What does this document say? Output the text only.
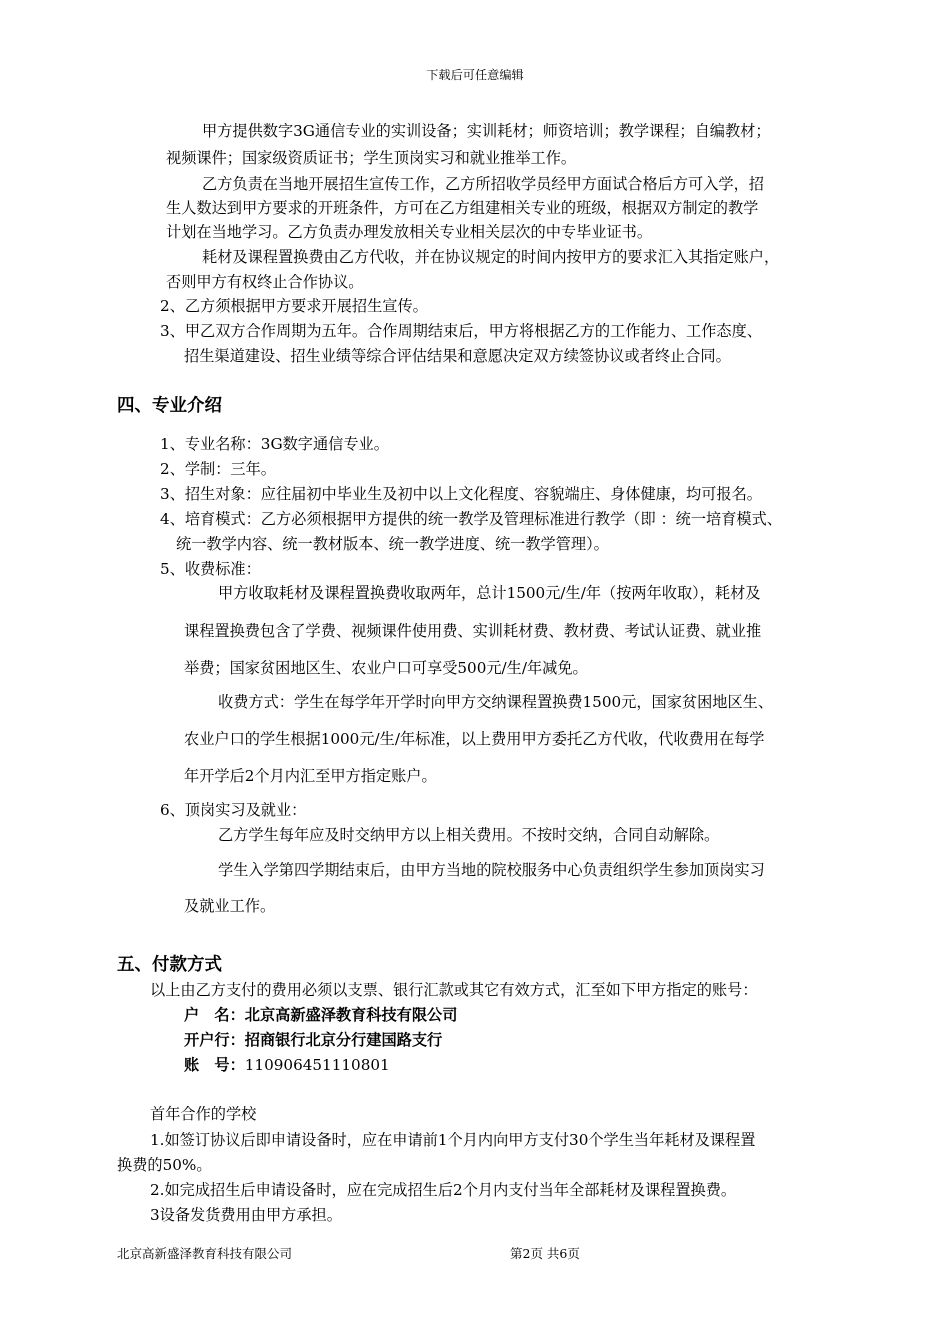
下载后可任意编辑
甲方提供数字3G通信专业的实训设备；实训耗材；师资培训；教学课程；自编教材；
视频课件；国家级资质证书；学生顶岗实习和就业推举工作。
乙方负责在当地开展招生宣传工作，乙方所招收学员经甲方面试合格后方可入学，招
生人数达到甲方要求的开班条件，方可在乙方组建相关专业的班级，根据双方制定的教学
计划在当地学习。乙方负责办理发放相关专业相关层次的中专毕业证书。
耗材及课程置换费由乙方代收，并在协议规定的时间内按甲方的要求汇入其指定账户，
否则甲方有权终止合作协议。
2、乙方须根据甲方要求开展招生宣传。
3、甲乙双方合作周期为五年。合作周期结束后，甲方将根据乙方的工作能力、工作态度、
招生渠道建设、招生业绩等综合评估结果和意愿决定双方续签协议或者终止合同。
四、专业介绍
1、专业名称：3G数字通信专业。
2、学制：三年。
3、招生对象：应往届初中毕业生及初中以上文化程度、容貌端庄、身体健康，均可报名。
4、培育模式：乙方必须根据甲方提供的统一教学及管理标准进行教学（即 ：统一培育模式、
统一教学内容、统一教材版本、统一教学进度、统一教学管理）。
5、收费标准：
甲方收取耗材及课程置换费收取两年，总计1500元/生/年（按两年收取），耗材及
课程置换费包含了学费、视频课件使用费、实训耗材费、教材费、考试认证费、就业推
举费；国家贫困地区生、农业户口可享受500元/生/年减免。
收费方式：学生在每学年开学时向甲方交纳课程置换费1500元，国家贫困地区生、
农业户口的学生根据1000元/生/年标准，以上费用甲方委托乙方代收，代收费用在每学
年开学后2个月内汇至甲方指定账户。
6、顶岗实习及就业：
乙方学生每年应及时交纳甲方以上相关费用。不按时交纳，合同自动解除。
学生入学第四学期结束后，由甲方当地的院校服务中心负责组织学生参加顶岗实习
及就业工作。
五、付款方式
以上由乙方支付的费用必须以支票、银行汇款或其它有效方式，汇至如下甲方指定的账号：
户　名：北京高新盛泽教育科技有限公司
开户行：招商银行北京分行建国路支行
账　号：110906451110801
首年合作的学校
1.如签订协议后即申请设备时，应在申请前1个月内向甲方支付30个学生当年耗材及课程置
换费的50%。
2.如完成招生后申请设备时，应在完成招生后2个月内支付当年全部耗材及课程置换费。
3设备发货费用由甲方承担。
北京高新盛泽教育科技有限公司	第2页 共6页
